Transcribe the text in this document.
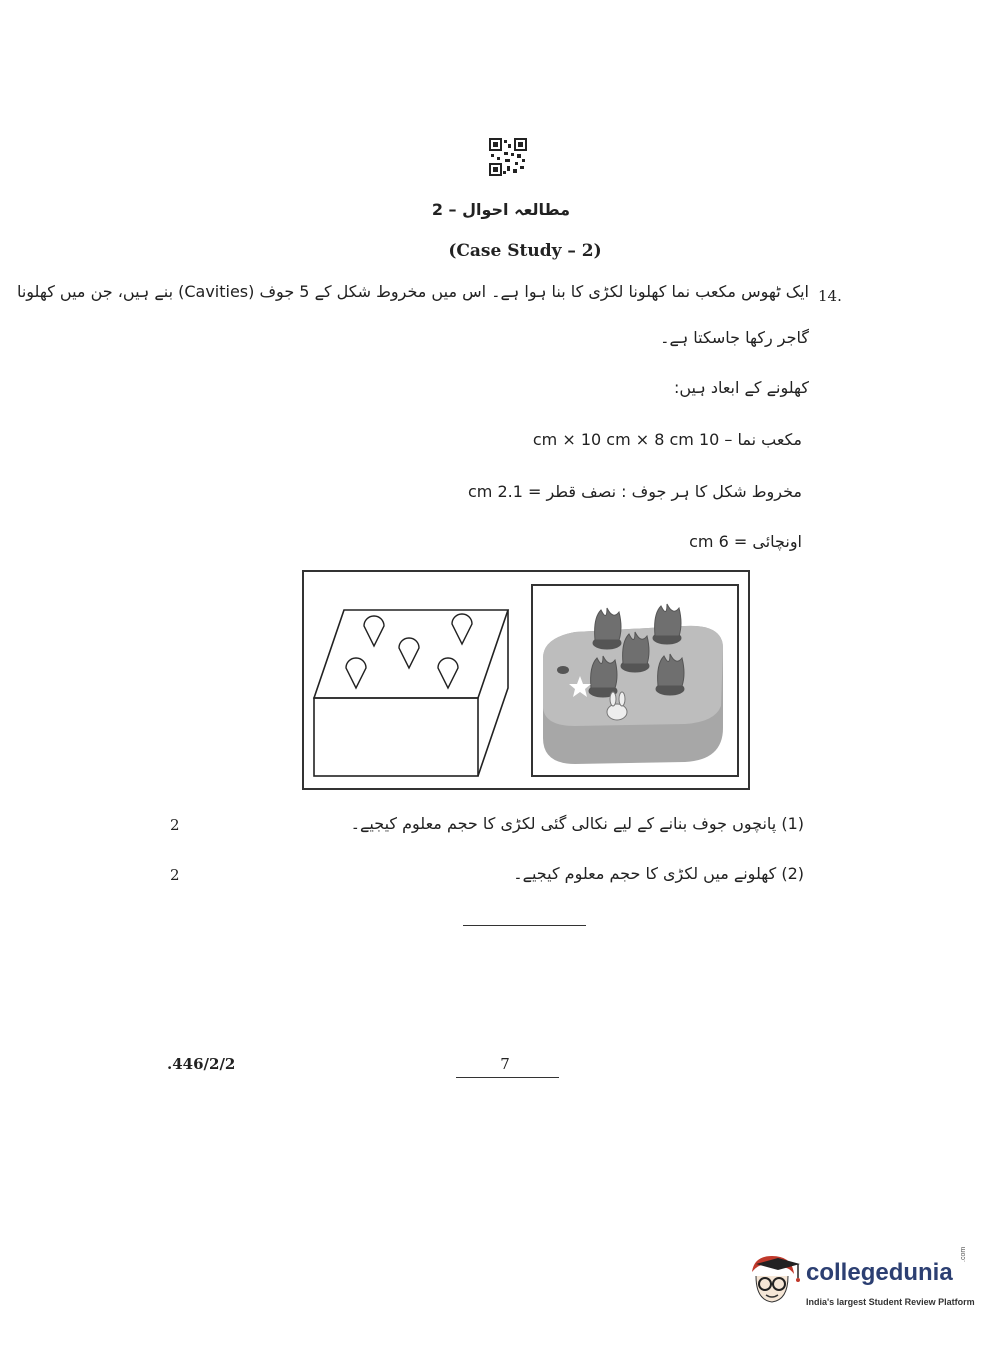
مطالعہ احوال – 2
(Case Study – 2)
14.
ایک ٹھوس مکعب نما کھلونا لکڑی کا بنا ہوا ہے۔ اس میں مخروط شکل کے 5 جوف (Cavities) بنے ہیں، جن میں کھلونا
گاجر رکھا جاسکتا ہے۔
کھلونے کے ابعاد ہیں:
مکعب نما – 10 cm × 10 cm × 8 cm
مخروط شکل کا ہر جوف : نصف قطر = 2.1 cm
اونچائی = 6 cm
(1) پانچوں جوف بنانے کے لیے نکالی گئی لکڑی کا حجم معلوم کیجیے۔
2
(2) کھلونے میں لکڑی کا حجم معلوم کیجیے۔
2
.446/2/2	7
collegedunia
.com
India's largest Student Review Platform
